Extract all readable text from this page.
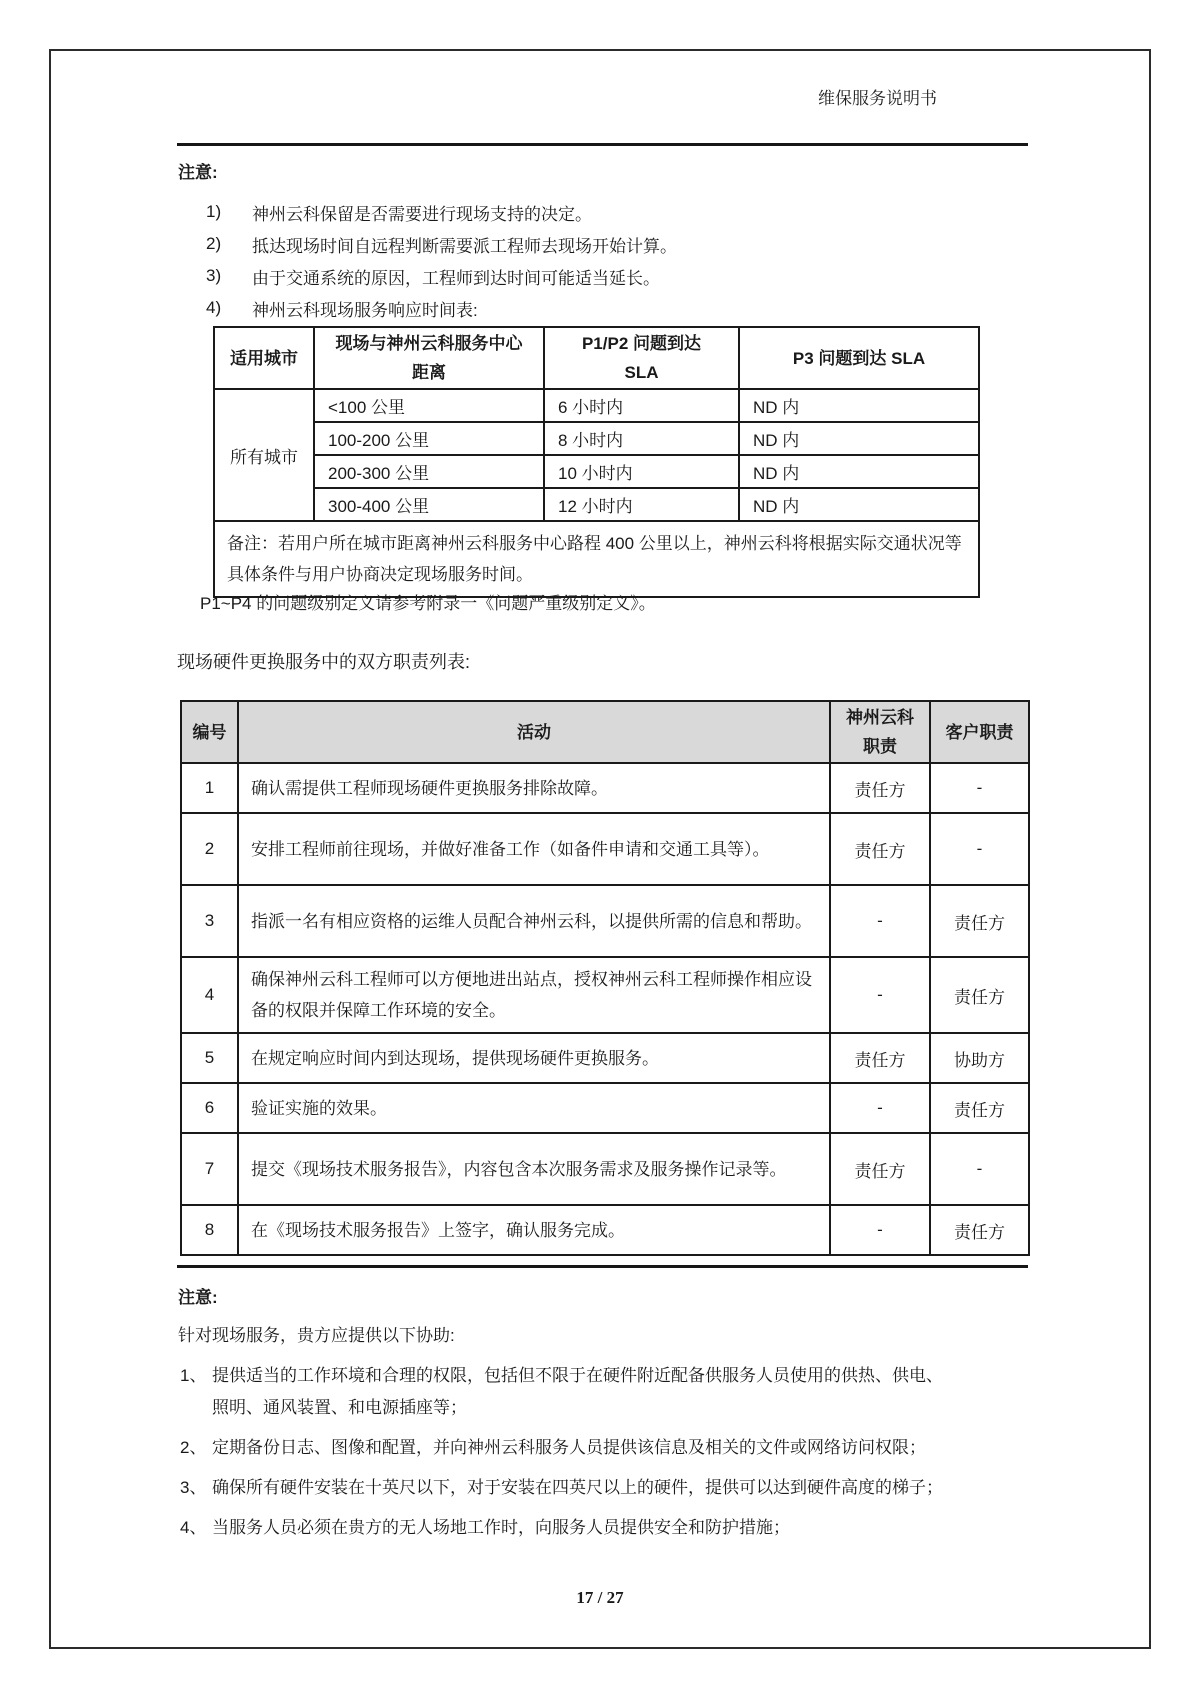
维保服务说明书
注意:
1)	神州云科保留是否需要进行现场支持的决定。
2)	抵达现场时间自远程判断需要派工程师去现场开始计算。
3)	由于交通系统的原因，工程师到达时间可能适当延长。
4)	神州云科现场服务响应时间表:
适用城市	现场与神州云科服务中心距离	P1/P2 问题到达 SLA	P3 问题到达 SLA
所有城市	<100 公里	6 小时内	ND 内
	100-200 公里	8 小时内	ND 内
	200-300 公里	10 小时内	ND 内
	300-400 公里	12 小时内	ND 内
备注：若用户所在城市距离神州云科服务中心路程 400 公里以上，神州云科将根据实际交通状况等具体条件与用户协商决定现场服务时间。			
P1~P4 的问题级别定义请参考附录一《问题严重级别定义》。
现场硬件更换服务中的双方职责列表:
编号	活动	神州云科职责	客户职责
1	确认需提供工程师现场硬件更换服务排除故障。	责任方	-
2	安排工程师前往现场，并做好准备工作（如备件申请和交通工具等）。	责任方	-
3	指派一名有相应资格的运维人员配合神州云科，以提供所需的信息和帮助。	-	责任方
4	确保神州云科工程师可以方便地进出站点，授权神州云科工程师操作相应设备的权限并保障工作环境的安全。	-	责任方
5	在规定响应时间内到达现场，提供现场硬件更换服务。	责任方	协助方
6	验证实施的效果。	-	责任方
7	提交《现场技术服务报告》，内容包含本次服务需求及服务操作记录等。	责任方	-
8	在《现场技术服务报告》上签字，确认服务完成。	-	责任方
注意:
针对现场服务，贵方应提供以下协助:
1、 提供适当的工作环境和合理的权限，包括但不限于在硬件附近配备供服务人员使用的供热、供电、照明、通风装置、和电源插座等；
2、 定期备份日志、图像和配置，并向神州云科服务人员提供该信息及相关的文件或网络访问权限；
3、 确保所有硬件安装在十英尺以下，对于安装在四英尺以上的硬件，提供可以达到硬件高度的梯子；
4、 当服务人员必须在贵方的无人场地工作时，向服务人员提供安全和防护措施；
17 / 27
